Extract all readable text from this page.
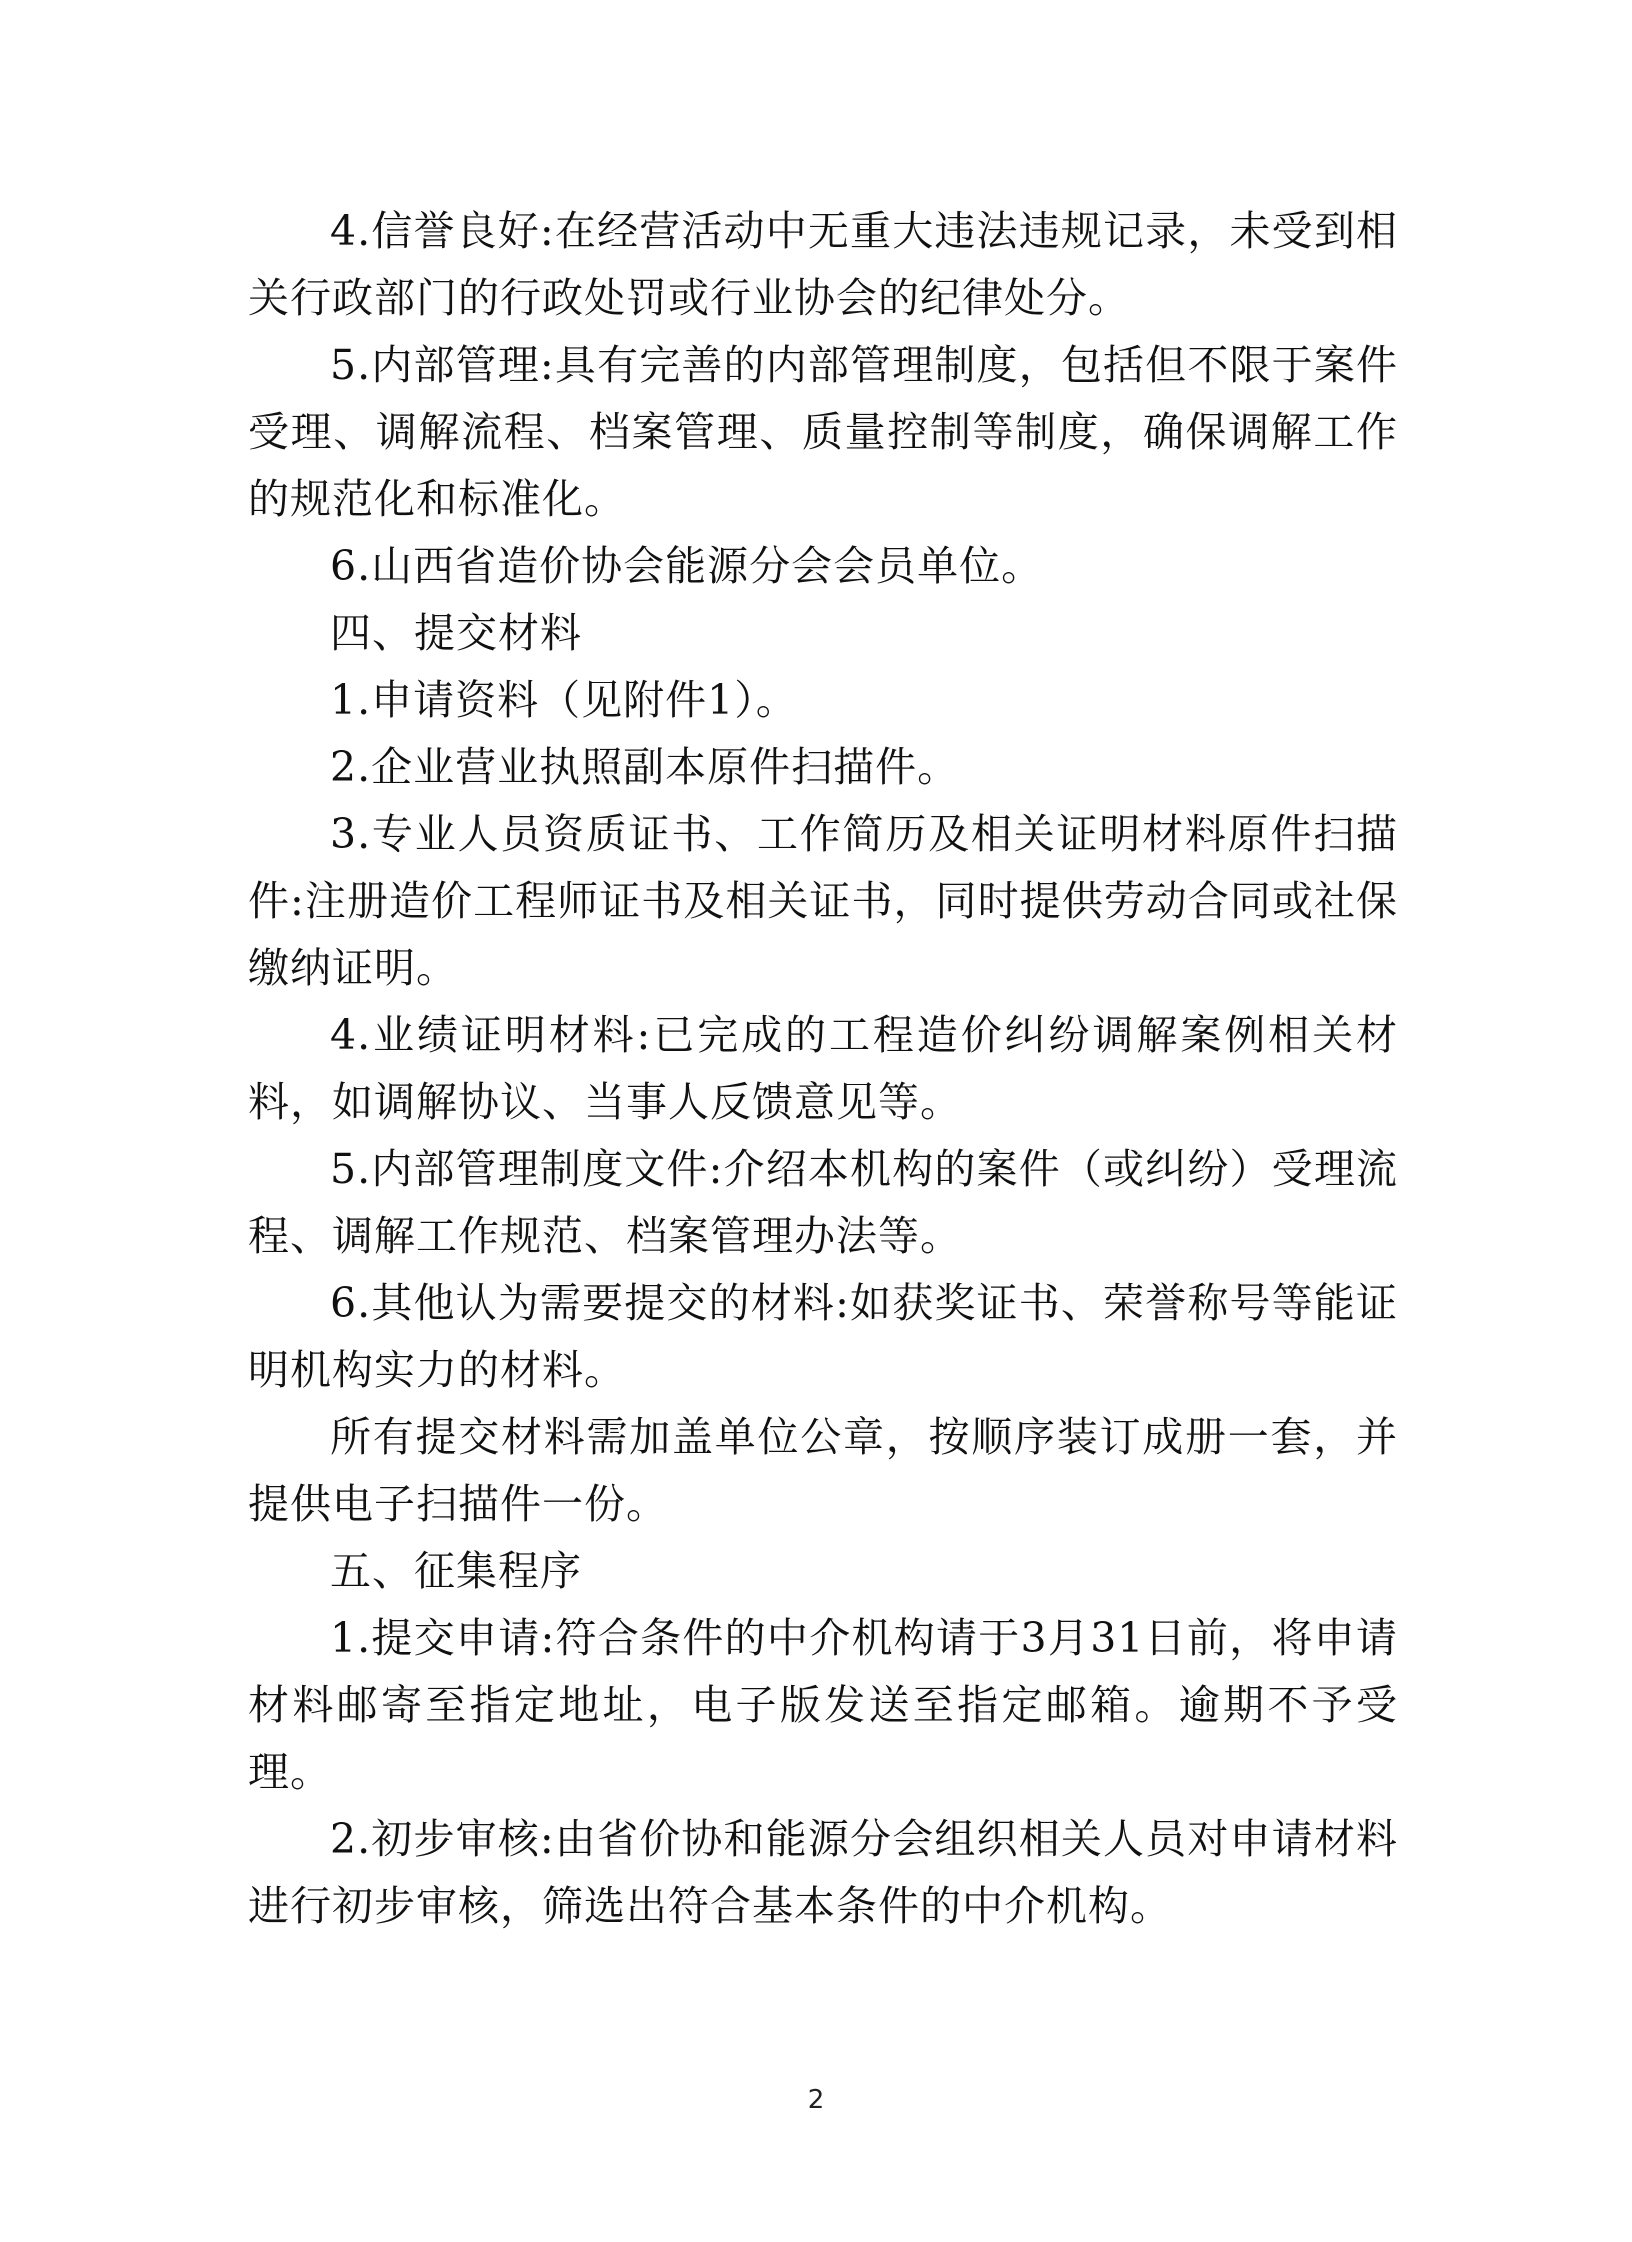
4.信誉良好:在经营活动中无重大违法违规记录，未受到相关行政部门的行政处罚或行业协会的纪律处分。

5.内部管理:具有完善的内部管理制度，包括但不限于案件受理、调解流程、档案管理、质量控制等制度，确保调解工作的规范化和标准化。

6.山西省造价协会能源分会会员单位。

四、提交材料

1.申请资料（见附件1）。

2.企业营业执照副本原件扫描件。

3.专业人员资质证书、工作简历及相关证明材料原件扫描件:注册造价工程师证书及相关证书，同时提供劳动合同或社保缴纳证明。

4.业绩证明材料:已完成的工程造价纠纷调解案例相关材料，如调解协议、当事人反馈意见等。

5.内部管理制度文件:介绍本机构的案件（或纠纷）受理流程、调解工作规范、档案管理办法等。

6.其他认为需要提交的材料:如获奖证书、荣誉称号等能证明机构实力的材料。

所有提交材料需加盖单位公章，按顺序装订成册一套，并提供电子扫描件一份。

五、征集程序

1.提交申请:符合条件的中介机构请于3月31日前，将申请材料邮寄至指定地址，电子版发送至指定邮箱。逾期不予受理。

2.初步审核:由省价协和能源分会组织相关人员对申请材料进行初步审核，筛选出符合基本条件的中介机构。

2
